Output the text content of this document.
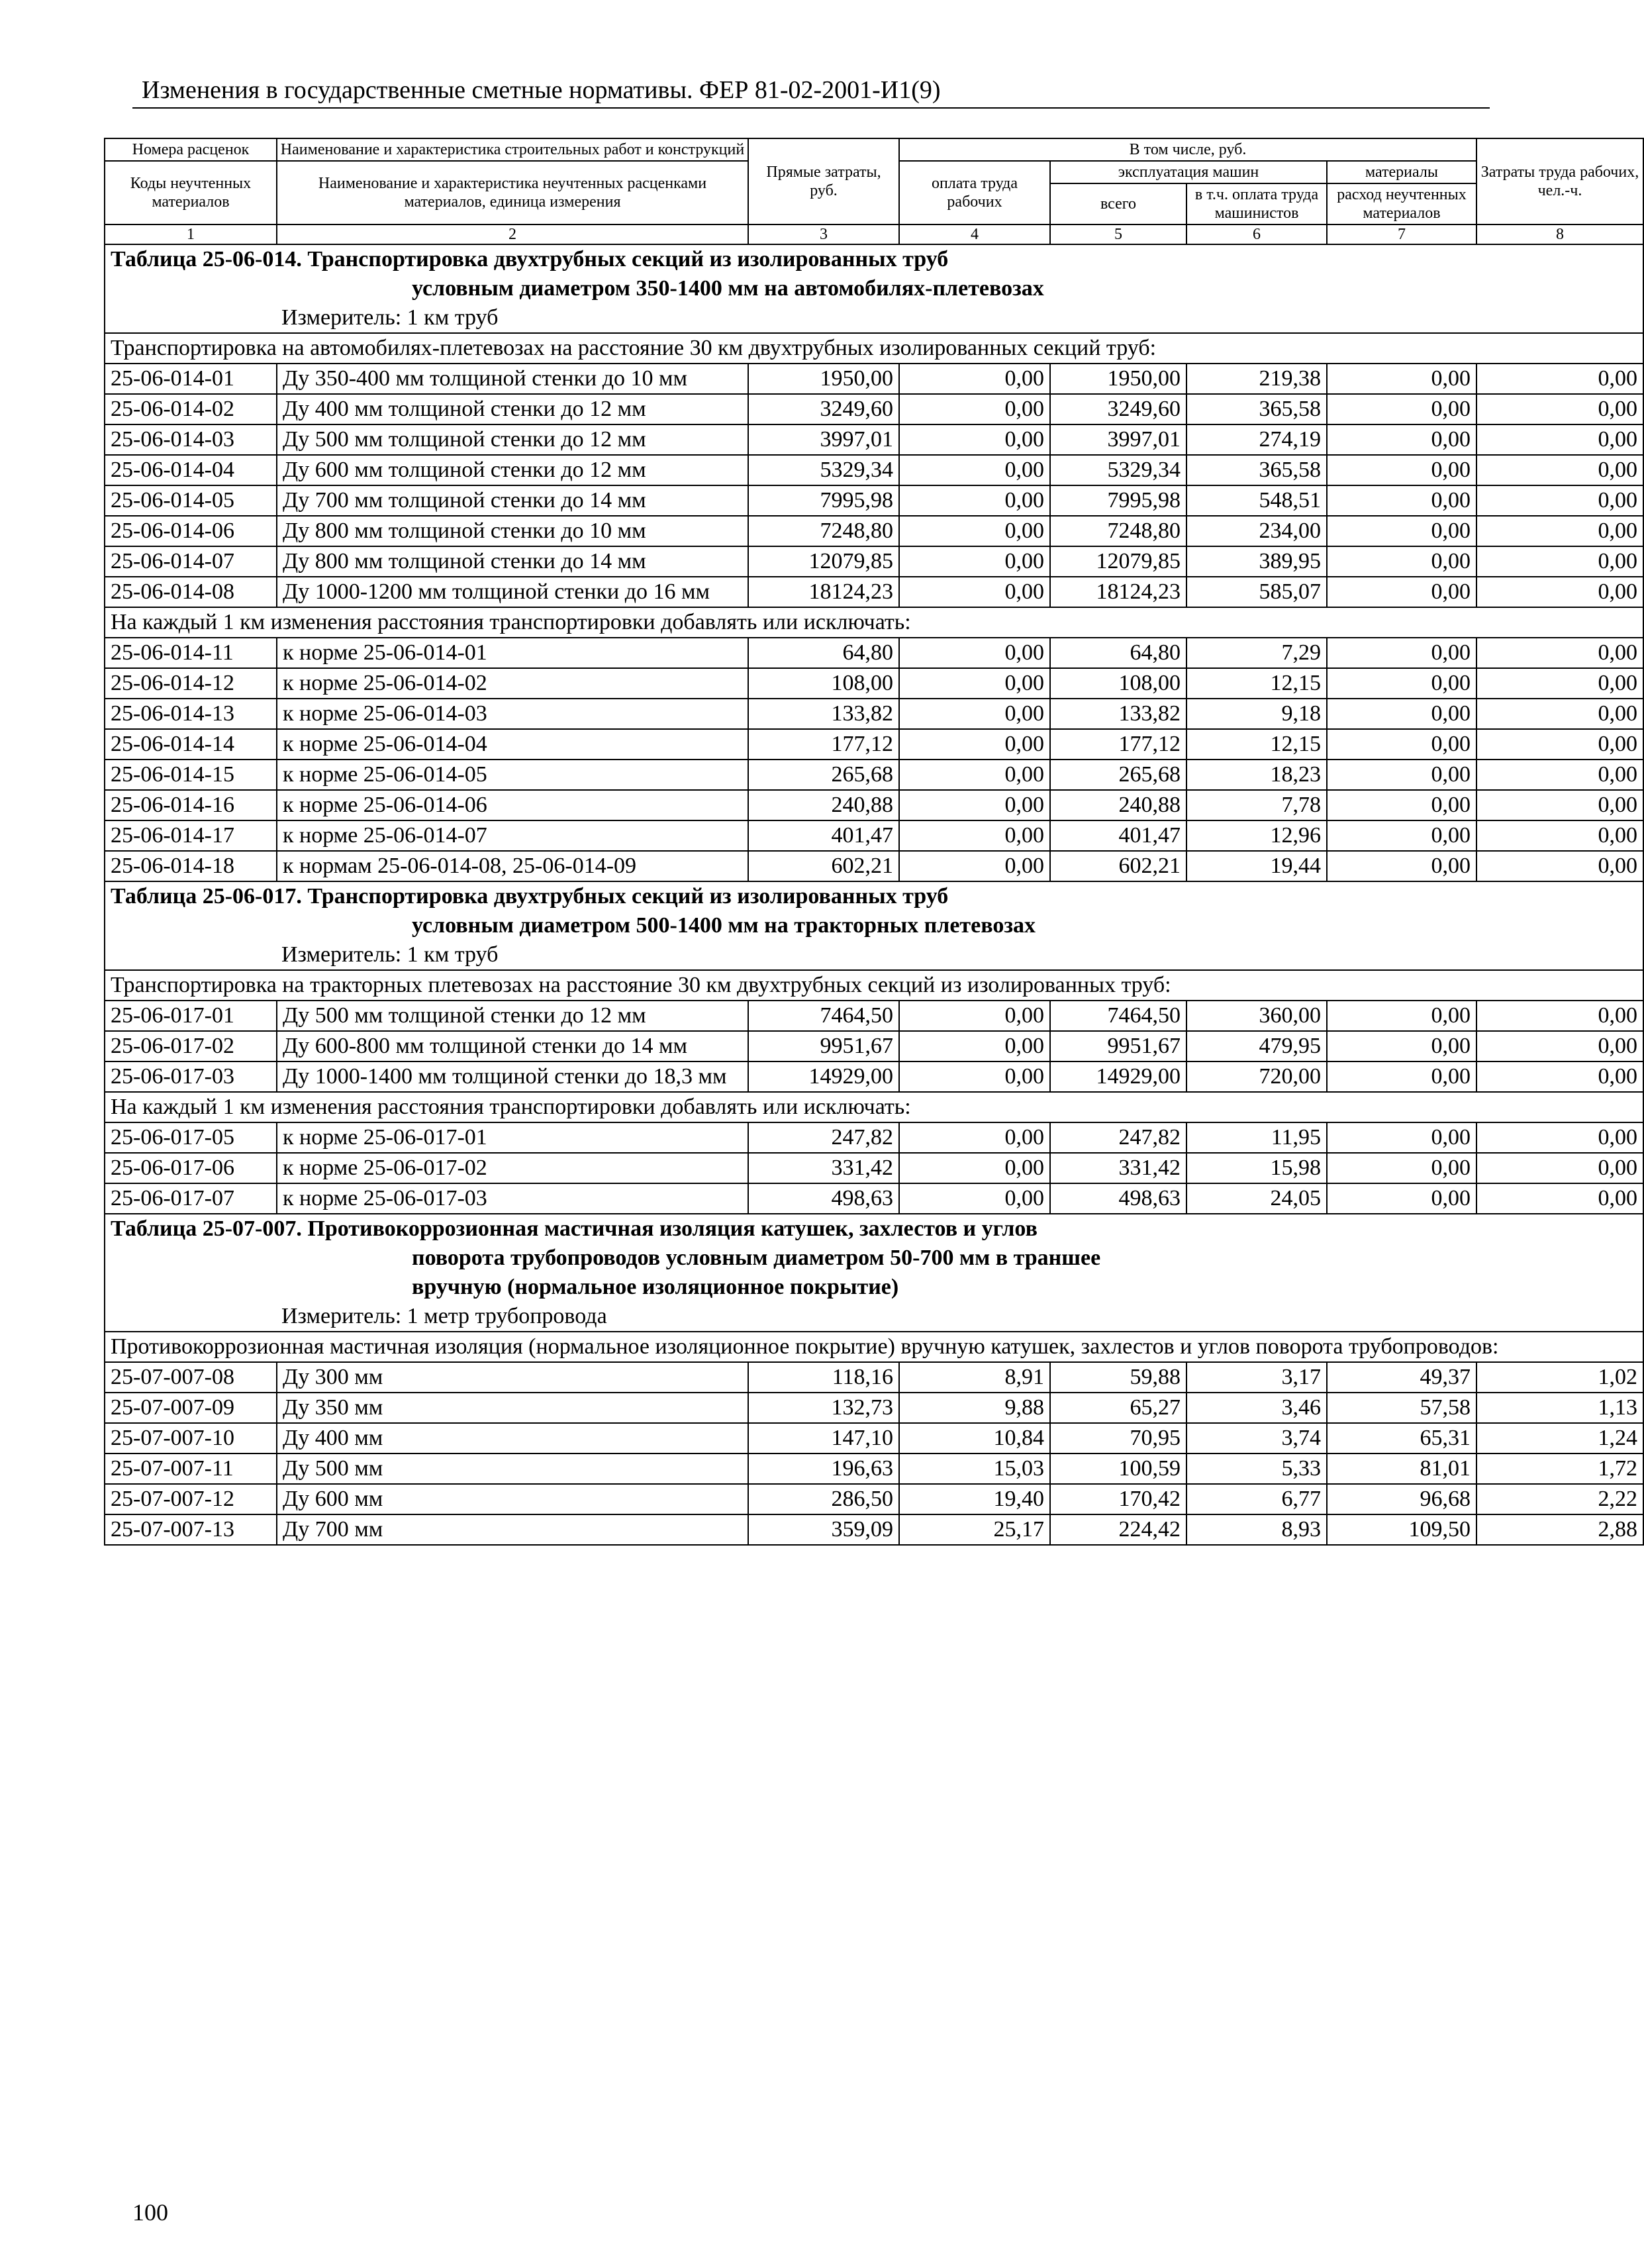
Изменения в государственные сметные нормативы. ФЕР 81-02-2001-И1(9)
Номера расценок	Наименование и характеристика строительных работ и конструкций	Прямые затраты, руб.	В том числе, руб.				Затраты труда рабочих, чел.-ч.
Коды неучтенных материалов	Наименование и характеристика неучтенных расценками материалов, единица измерения		оплата труда рабочих	эксплуатация машин		материалы	
				всего	в т.ч. оплата труда машинистов	расход неучтенных материалов	
1	2	3	4	5	6	7	8
Таблица 25-06-014. Транспортировка двухтрубных секций из изолированных труб
условным диаметром 350-1400 мм на автомобилях-плетевозах
Измеритель: 1 км труб							

Транспортировка на автомобилях-плетевозах на расстояние 30 км двухтрубных изолированных секций труб:							
25-06-014-01	Ду 350-400 мм толщиной стенки до 10 мм	1950,00	0,00	1950,00	219,38	0,00	0,00
25-06-014-02	Ду 400 мм толщиной стенки до 12 мм	3249,60	0,00	3249,60	365,58	0,00	0,00
25-06-014-03	Ду 500 мм толщиной стенки до 12 мм	3997,01	0,00	3997,01	274,19	0,00	0,00
25-06-014-04	Ду 600 мм толщиной стенки до 12 мм	5329,34	0,00	5329,34	365,58	0,00	0,00
25-06-014-05	Ду 700 мм толщиной стенки до 14 мм	7995,98	0,00	7995,98	548,51	0,00	0,00
25-06-014-06	Ду 800 мм толщиной стенки до 10 мм	7248,80	0,00	7248,80	234,00	0,00	0,00
25-06-014-07	Ду 800 мм толщиной стенки до 14 мм	12079,85	0,00	12079,85	389,95	0,00	0,00
25-06-014-08	Ду 1000-1200 мм толщиной стенки до 16 мм	18124,23	0,00	18124,23	585,07	0,00	0,00
На каждый 1 км изменения расстояния транспортировки добавлять или исключать:							
25-06-014-11	к норме 25-06-014-01	64,80	0,00	64,80	7,29	0,00	0,00
25-06-014-12	к норме 25-06-014-02	108,00	0,00	108,00	12,15	0,00	0,00
25-06-014-13	к норме 25-06-014-03	133,82	0,00	133,82	9,18	0,00	0,00
25-06-014-14	к норме 25-06-014-04	177,12	0,00	177,12	12,15	0,00	0,00
25-06-014-15	к норме 25-06-014-05	265,68	0,00	265,68	18,23	0,00	0,00
25-06-014-16	к норме 25-06-014-06	240,88	0,00	240,88	7,78	0,00	0,00
25-06-014-17	к норме 25-06-014-07	401,47	0,00	401,47	12,96	0,00	0,00
25-06-014-18	к нормам 25-06-014-08, 25-06-014-09	602,21	0,00	602,21	19,44	0,00	0,00
Таблица 25-06-017. Транспортировка двухтрубных секций из изолированных труб
условным диаметром 500-1400 мм на тракторных плетевозах
Измеритель: 1 км труб							

Транспортировка на тракторных плетевозах на расстояние 30 км двухтрубных секций из изолированных труб:							
25-06-017-01	Ду 500 мм толщиной стенки до 12 мм	7464,50	0,00	7464,50	360,00	0,00	0,00
25-06-017-02	Ду 600-800 мм толщиной стенки до 14 мм	9951,67	0,00	9951,67	479,95	0,00	0,00
25-06-017-03	Ду 1000-1400 мм толщиной стенки до 18,3 мм	14929,00	0,00	14929,00	720,00	0,00	0,00
На каждый 1 км изменения расстояния транспортировки добавлять или исключать:							
25-06-017-05	к норме 25-06-017-01	247,82	0,00	247,82	11,95	0,00	0,00
25-06-017-06	к норме 25-06-017-02	331,42	0,00	331,42	15,98	0,00	0,00
25-06-017-07	к норме 25-06-017-03	498,63	0,00	498,63	24,05	0,00	0,00
Таблица 25-07-007. Противокоррозионная мастичная изоляция катушек, захлестов и углов
поворота трубопроводов условным диаметром 50-700 мм в траншее
вручную (нормальное изоляционное покрытие)
Измеритель: 1 метр трубопровода							

Противокоррозионная мастичная изоляция (нормальное изоляционное покрытие) вручную катушек, захлестов и углов поворота трубопроводов:							
25-07-007-08	Ду 300 мм	118,16	8,91	59,88	3,17	49,37	1,02
25-07-007-09	Ду 350 мм	132,73	9,88	65,27	3,46	57,58	1,13
25-07-007-10	Ду 400 мм	147,10	10,84	70,95	3,74	65,31	1,24
25-07-007-11	Ду 500 мм	196,63	15,03	100,59	5,33	81,01	1,72
25-07-007-12	Ду 600 мм	286,50	19,40	170,42	6,77	96,68	2,22
25-07-007-13	Ду 700 мм	359,09	25,17	224,42	8,93	109,50	2,88
100
